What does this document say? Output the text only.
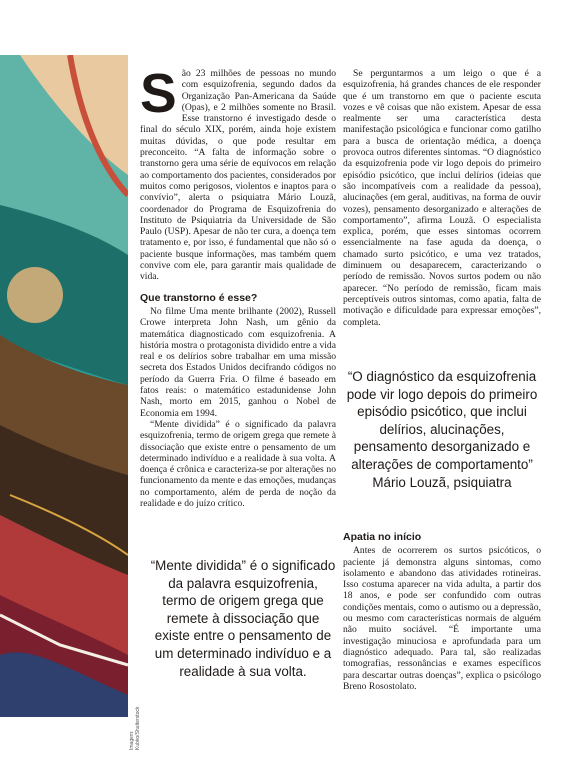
Imagem: Kubko/Shutterstock

São 23 milhões de pessoas no mundo com esquizofrenia, segundo dados da Organização Pan-Americana da Saúde (Opas), e 2 milhões somente no Brasil. Esse transtorno é investigado desde o final do século XIX, porém, ainda hoje existem muitas dúvidas, o que pode resultar em preconceito. “A falta de informação sobre o transtorno gera uma série de equívocos em relação ao comportamento dos pacientes, considerados por muitos como perigosos, violentos e inaptos para o convívio”, alerta o psiquiatra Mário Louzã, coordenador do Programa de Esquizofrenia do Instituto de Psiquiatria da Universidade de São Paulo (USP). Apesar de não ter cura, a doença tem tratamento e, por isso, é fundamental que não só o paciente busque informações, mas também quem convive com ele, para garantir mais qualidade de vida.

Que transtorno é esse?

No filme Uma mente brilhante (2002), Russell Crowe interpreta John Nash, um gênio da matemática diagnosticado com esquizofrenia. A história mostra o protagonista dividido entre a vida real e os delírios sobre trabalhar em uma missão secreta dos Estados Unidos decifrando códigos no período da Guerra Fria. O filme é baseado em fatos reais: o matemático estadunidense John Nash, morto em 2015, ganhou o Nobel de Economia em 1994.

“Mente dividida” é o significado da palavra esquizofrenia, termo de origem grega que remete à dissociação que existe entre o pensamento de um determinado indivíduo e a realidade à sua volta. A doença é crônica e caracteriza-se por alterações no funcionamento da mente e das emoções, mudanças no comportamento, além de perda de noção da realidade e do juízo crítico.

“Mente dividida” é o significado da palavra esquizofrenia, termo de origem grega que remete à dissociação que existe entre o pensamento de um determinado indivíduo e a realidade à sua volta.

Se perguntarmos a um leigo o que é a esquizofrenia, há grandes chances de ele responder que é um transtorno em que o paciente escuta vozes e vê coisas que não existem. Apesar de essa realmente ser uma característica desta manifestação psicológica e funcionar como gatilho para a busca de orientação médica, a doença provoca outros diferentes sintomas. “O diagnóstico da esquizofrenia pode vir logo depois do primeiro episódio psicótico, que inclui delírios (ideias que são incompatíveis com a realidade da pessoa), alucinações (em geral, auditivas, na forma de ouvir vozes), pensamento desorganizado e alterações de comportamento”, afirma Louzã. O especialista explica, porém, que esses sintomas ocorrem essencialmente na fase aguda da doença, o chamado surto psicótico, e uma vez tratados, diminuem ou desaparecem, caracterizando o período de remissão. Novos surtos podem ou não aparecer. “No período de remissão, ficam mais perceptíveis outros sintomas, como apatia, falta de motivação e dificuldade para expressar emoções”, completa.

“O diagnóstico da esquizofrenia pode vir logo depois do primeiro episódio psicótico, que inclui delírios, alucinações, pensamento desorganizado e alterações de comportamento”
Mário Louzã, psiquiatra
Apatia no início

Antes de ocorrerem os surtos psicóticos, o paciente já demonstra alguns sintomas, como isolamento e abandono das atividades rotineiras. Isso costuma aparecer na vida adulta, a partir dos 18 anos, e pode ser confundido com outras condições mentais, como o autismo ou a depressão, ou mesmo com características normais de alguém não muito sociável. “É importante uma investigação minuciosa e aprofundada para um diagnóstico adequado. Para tal, são realizadas tomografias, ressonâncias e exames específicos para descartar outras doenças”, explica o psicólogo Breno Rosostolato.
